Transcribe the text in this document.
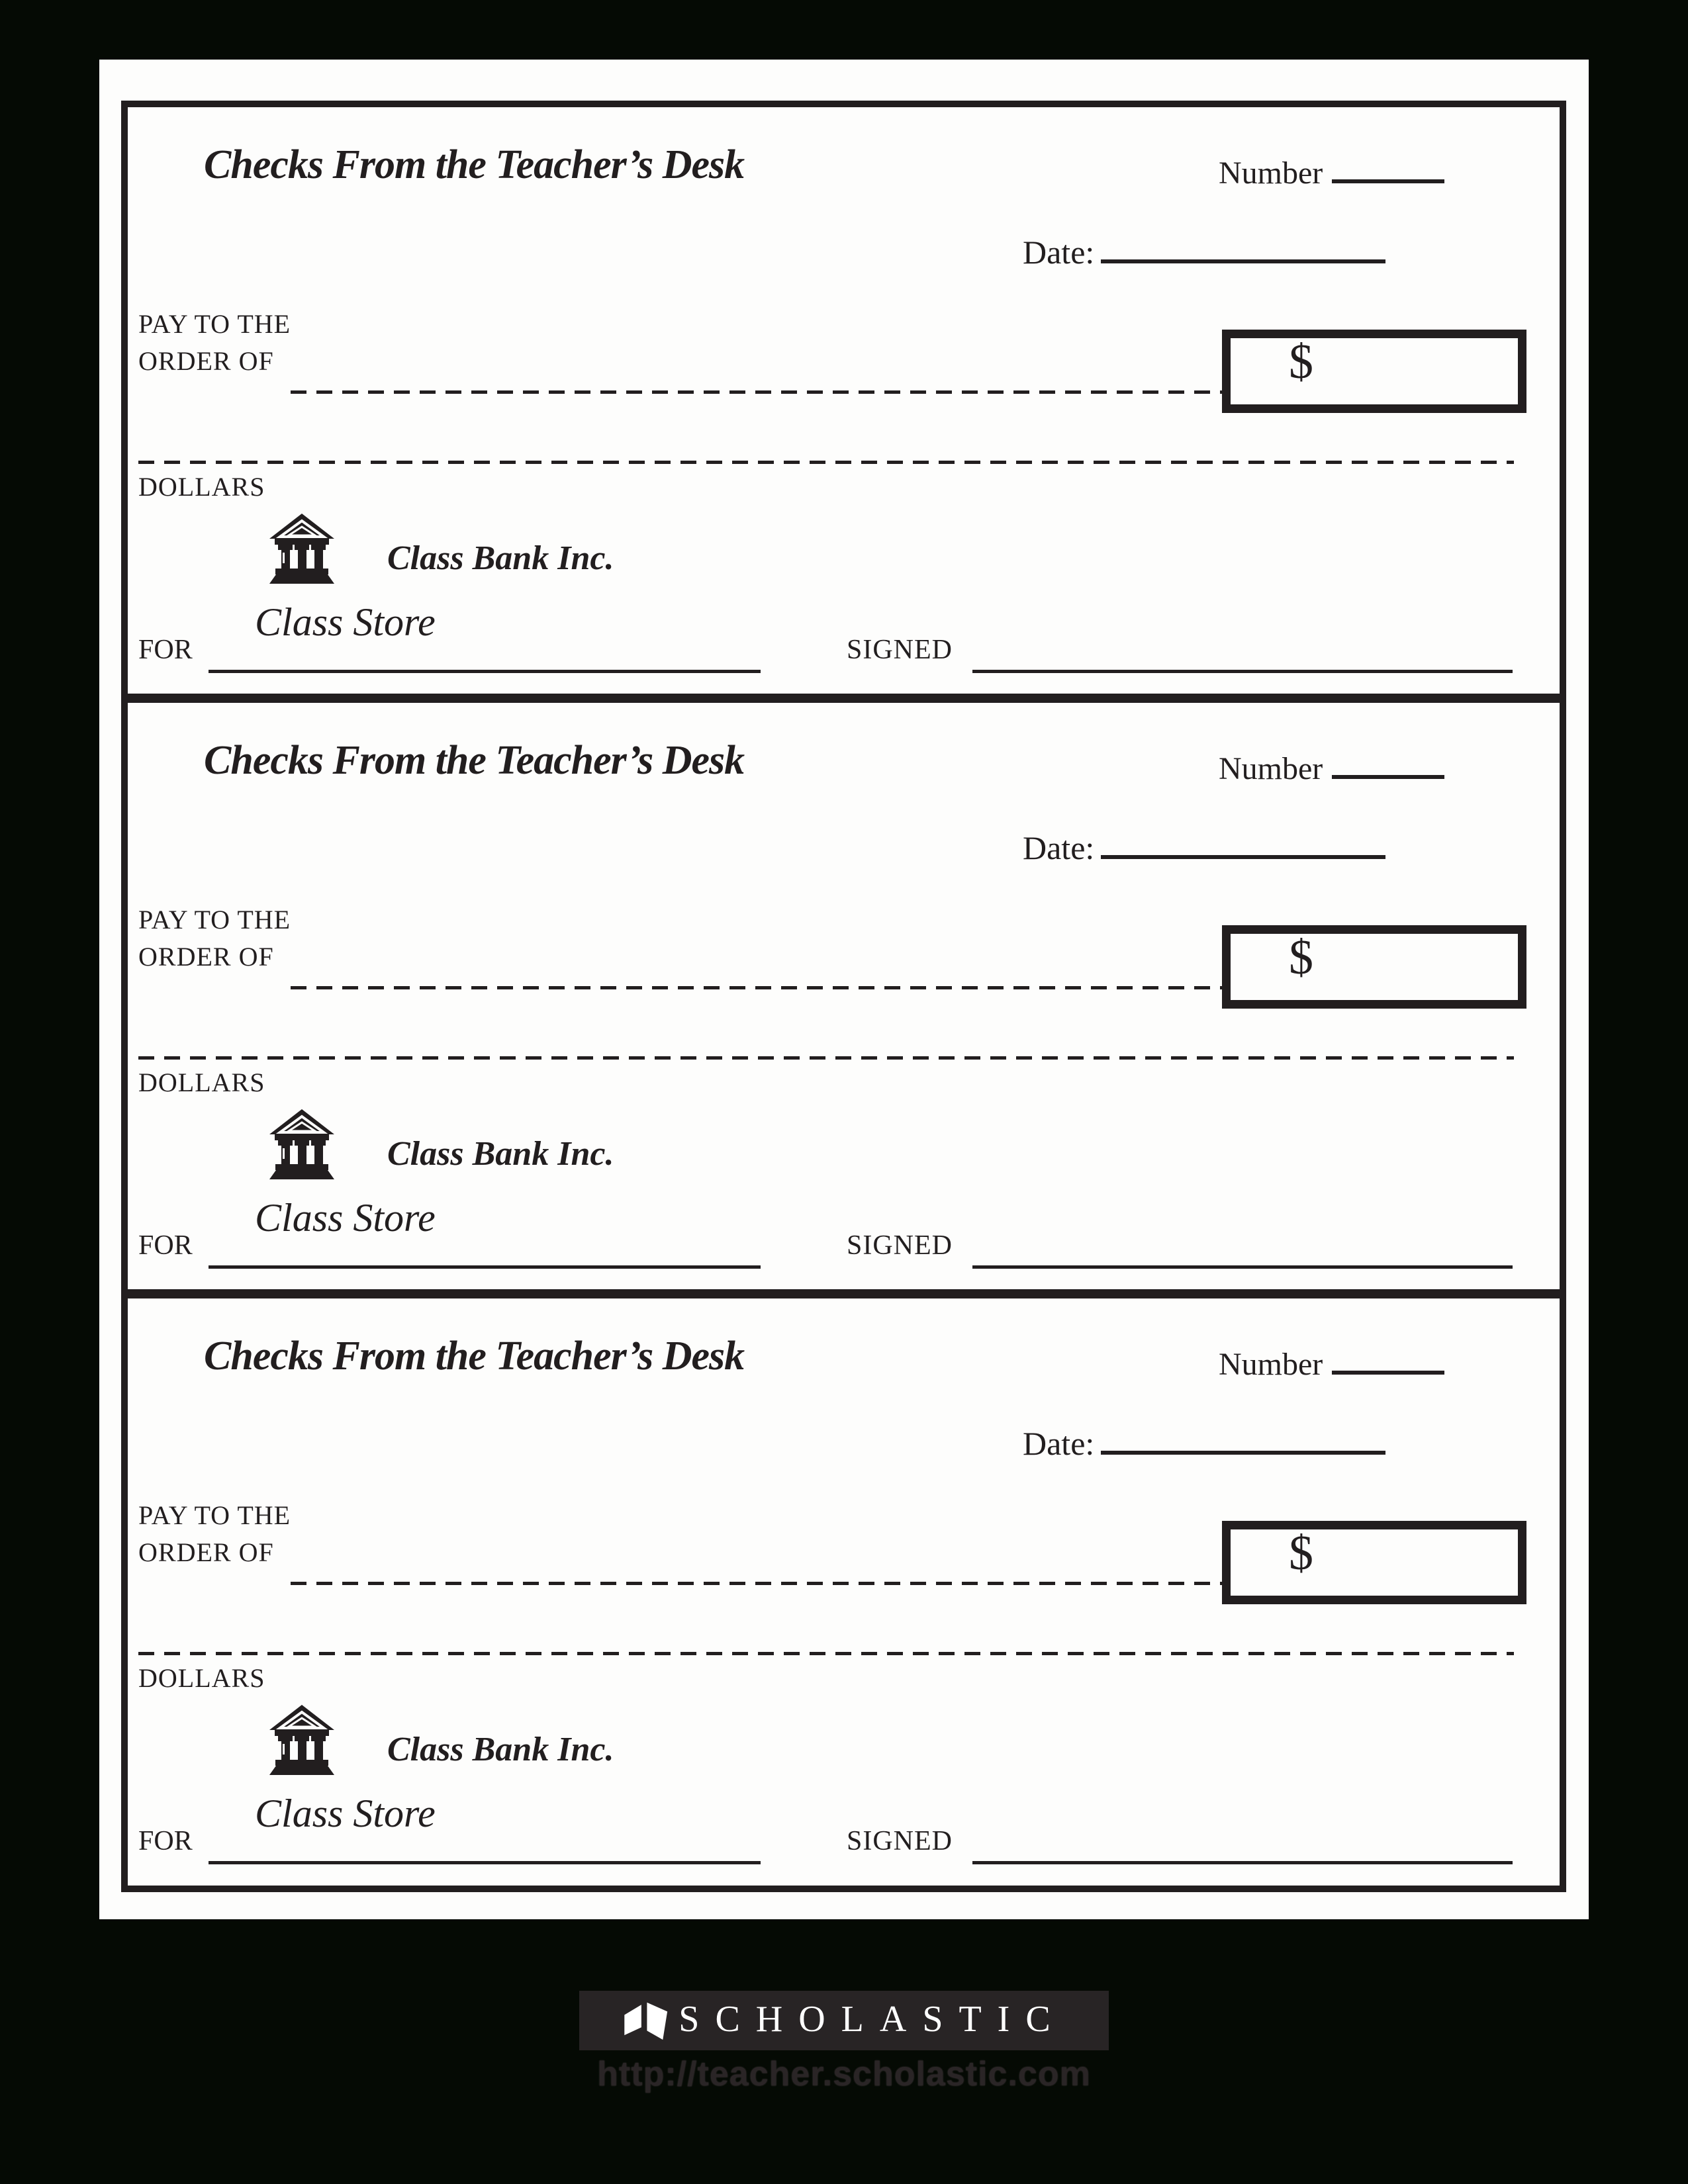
Checks From the Teacher’s Desk	Number
Date:
PAY TO THE
ORDER OF	$
DOLLARS
Class Bank Inc.
Class Store
FOR	SIGNED
Checks From the Teacher’s Desk	Number
Date:
PAY TO THE
ORDER OF	$
DOLLARS
Class Bank Inc.
Class Store
FOR	SIGNED
Checks From the Teacher’s Desk	Number
Date:
PAY TO THE
ORDER OF	$
DOLLARS
Class Bank Inc.
Class Store
FOR	SIGNED
SCHOLASTIC
http://teacher.scholastic.com
